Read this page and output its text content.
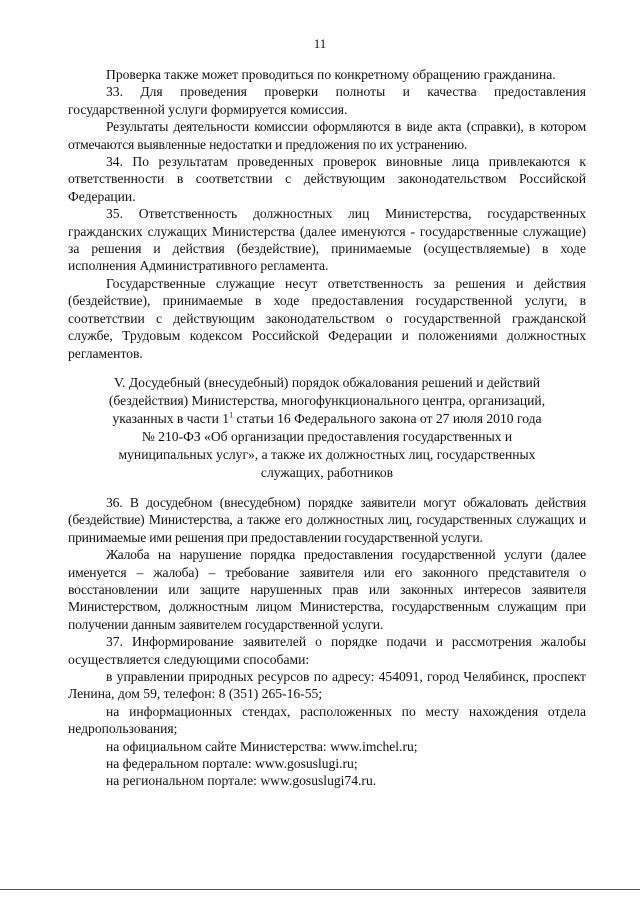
11

Проверка также может проводиться по конкретному обращению гражданина.

33. Для проведения проверки полноты и качества предоставления государственной услуги формируется комиссия.

Результаты деятельности комиссии оформляются в виде акта (справки), в котором отмечаются выявленные недостатки и предложения по их устранению.

34. По результатам проведенных проверок виновные лица привлекаются к ответственности в соответствии с действующим законодательством Российской Федерации.

35. Ответственность должностных лиц Министерства, государственных гражданских служащих Министерства (далее именуются - государственные служащие) за решения и действия (бездействие), принимаемые (осуществляемые) в ходе исполнения Административного регламента.

Государственные служащие несут ответственность за решения и действия (бездействие), принимаемые в ходе предоставления государственной услуги, в соответствии с действующим законодательством о государственной гражданской службе, Трудовым кодексом Российской Федерации и положениями должностных регламентов.

V. Досудебный (внесудебный) порядок обжалования решений и действий
(бездействия) Министерства, многофункционального центра, организаций,
указанных в части $1^1$ статьи 16 Федерального закона от 27 июля 2010 года
№ 210-ФЗ «Об организации предоставления государственных и
муниципальных услуг», а также их должностных лиц, государственных
служащих, работников

36. В досудебном (внесудебном) порядке заявители могут обжаловать действия (бездействие) Министерства, а также его должностных лиц, государственных служащих и принимаемые ими решения при предоставлении государственной услуги.

Жалоба на нарушение порядка предоставления государственной услуги (далее именуется – жалоба) – требование заявителя или его законного представителя о восстановлении или защите нарушенных прав или законных интересов заявителя Министерством, должностным лицом Министерства, государственным служащим при получении данным заявителем государственной услуги.

37. Информирование заявителей о порядке подачи и рассмотрения жалобы осуществляется следующими способами:

в управлении природных ресурсов по адресу: 454091, город Челябинск, проспект Ленина, дом 59, телефон: 8 (351) 265-16-55;

на информационных стендах, расположенных по месту нахождения отдела недропользования;

на официальном сайте Министерства: www.imchel.ru;

на федеральном портале: www.gosuslugi.ru;

на региональном портале: www.gosuslugi74.ru.
